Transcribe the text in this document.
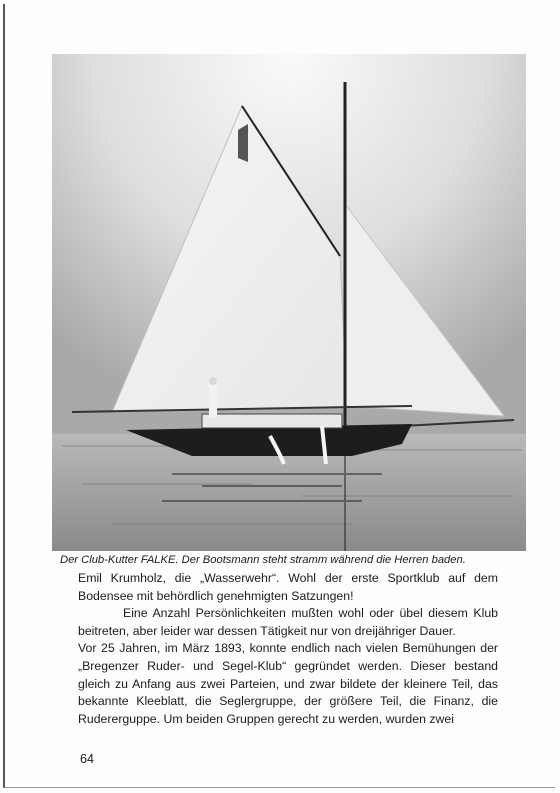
Der Club-Kutter FALKE. Der Bootsmann steht stramm während die Herren baden.

Emil Krumholz, die „Wasserwehr“. Wohl der erste Sportklub auf dem Bodensee mit behördlich genehmigten Satzungen!

Eine Anzahl Persönlichkeiten mußten wohl oder übel diesem Klub beitreten, aber leider war dessen Tätigkeit nur von dreijähriger Dauer.

Vor 25 Jahren, im März 1893, konnte endlich nach vielen Bemühungen der „Bregenzer Ruder- und Segel-Klub“ gegründet werden. Dieser bestand gleich zu Anfang aus zwei Parteien, und zwar bildete der kleinere Teil, das bekannte Kleeblatt, die Seglergruppe, der größere Teil, die Finanz, die Rudererguppe. Um beiden Gruppen gerecht zu werden, wurden zwei

64
